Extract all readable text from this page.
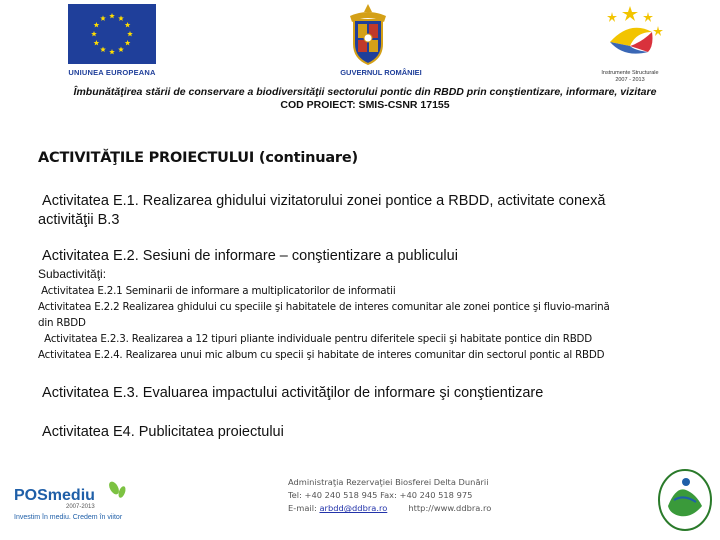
UNIUNEA EUROPEANA	GUVERNUL ROMÂNIEI	Instrumente Structurale
2007 - 2013
Îmbunătăţirea stării de conservare a biodiversităţii sectorului pontic din RBDD prin conştientizare, informare, vizitare
COD PROIECT: SMIS-CSNR 17155
ACTIVITĂŢILE PROIECTULUI (continuare)
Activitatea E.1. Realizarea ghidului vizitatorului zonei pontice a RBDD, activitate conexă
activităţii B.3
Activitatea E.2. Sesiuni de informare – conştientizare a publicului
Subactivităţi:
Activitatea E.2.1 Seminarii de informare a multiplicatorilor de informatii
Activitatea E.2.2 Realizarea ghidului cu speciile şi habitatele de interes comunitar ale zonei pontice şi fluvio-marină
din RBDD
Activitatea E.2.3. Realizarea a 12 tipuri pliante individuale pentru diferitele specii şi habitate pontice din RBDD
Activitatea E.2.4. Realizarea unui mic album cu specii şi habitate de interes comunitar din sectorul pontic al RBDD
Activitatea E.3. Evaluarea impactului activităţilor de informare şi conştientizare
Activitatea E4. Publicitatea proiectului
POSmediu
2007-2013
Investim în mediu. Credem în viitor
Administraţia Rezervaţiei Biosferei Delta Dunării
Tel: +40 240 518 945 Fax: +40 240 518 975
E-mail: arbdd@ddbra.ro	http://www.ddbra.ro
